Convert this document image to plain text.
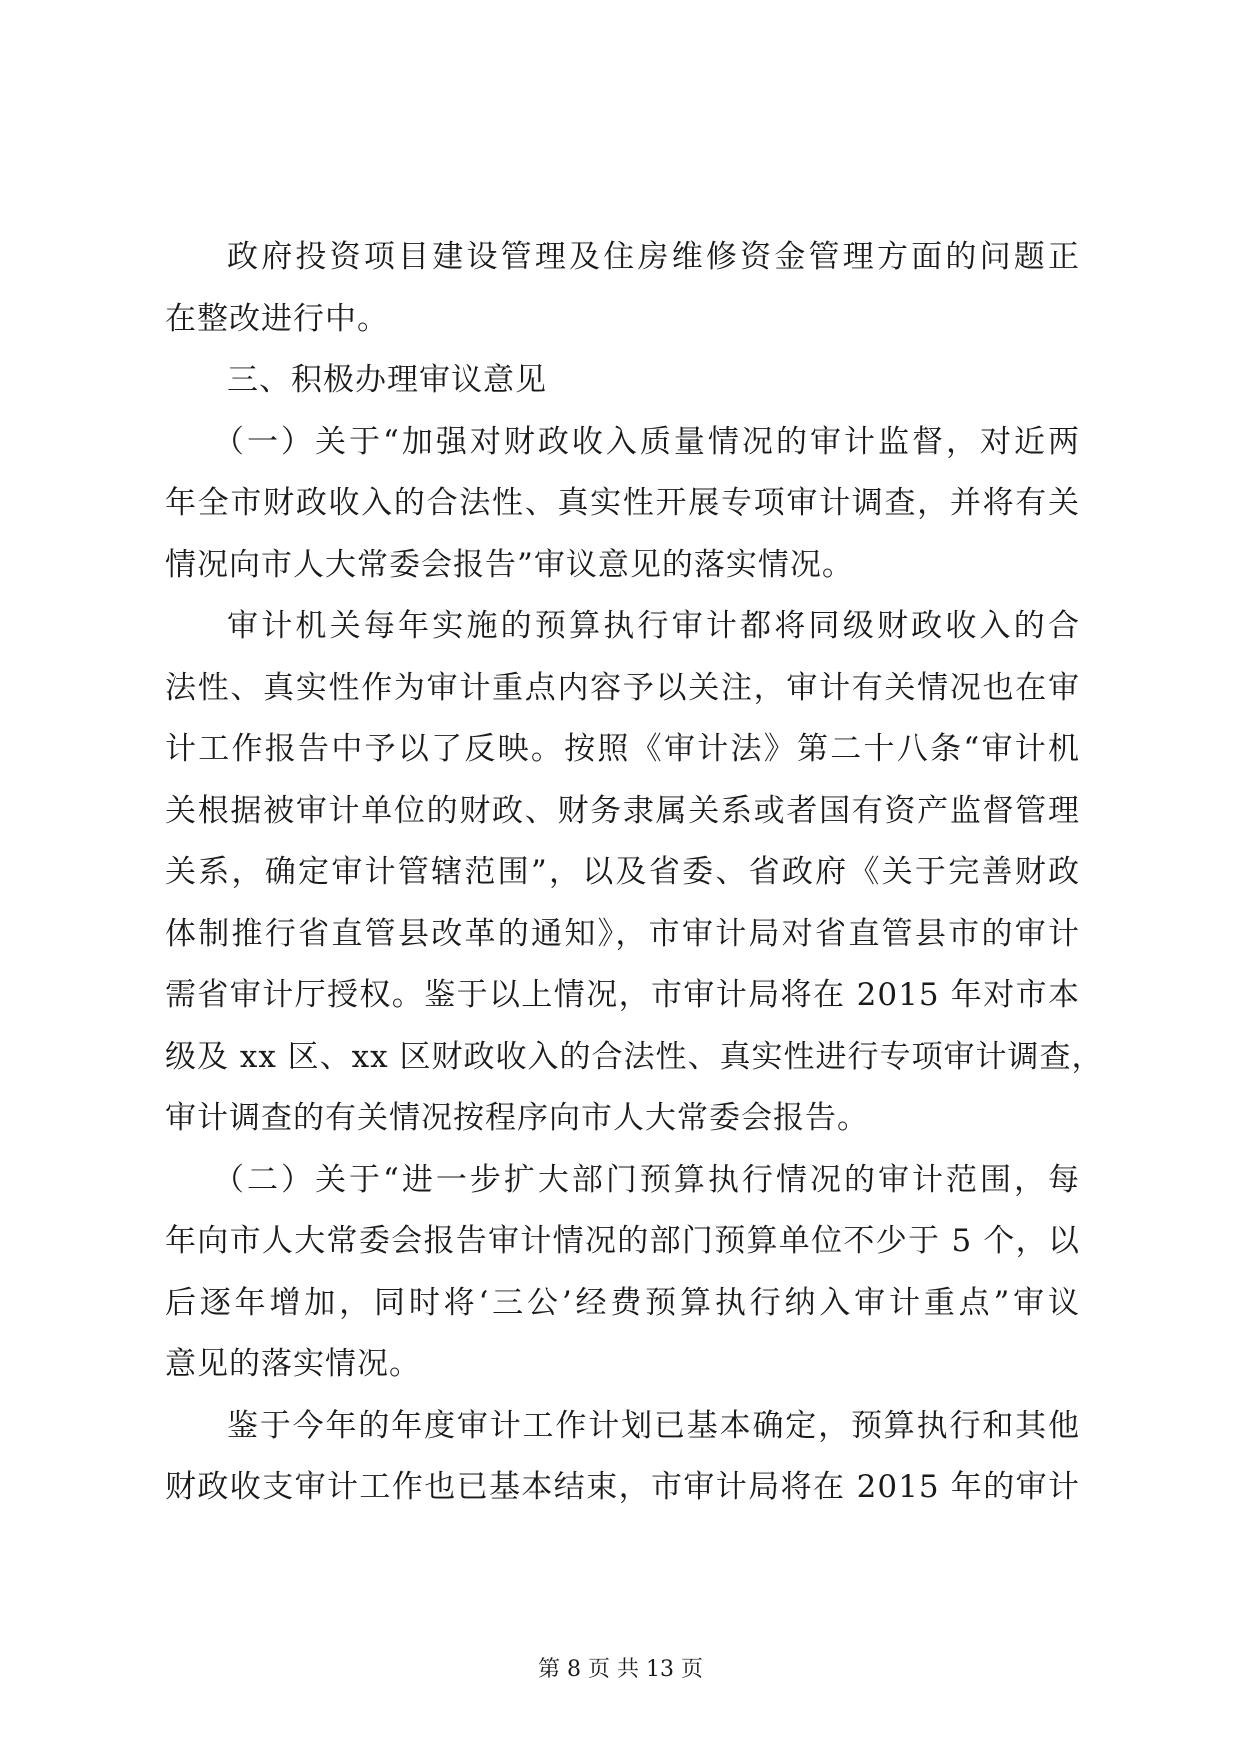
政府投资项目建设管理及住房维修资金管理方面的问题正
在整改进行中。
三、积极办理审议意见
（一）关于“加强对财政收入质量情况的审计监督，对近两
年全市财政收入的合法性、真实性开展专项审计调查，并将有关
情况向市人大常委会报告”审议意见的落实情况。
审计机关每年实施的预算执行审计都将同级财政收入的合
法性、真实性作为审计重点内容予以关注，审计有关情况也在审
计工作报告中予以了反映。按照《审计法》第二十八条“审计机
关根据被审计单位的财政、财务隶属关系或者国有资产监督管理
关系，确定审计管辖范围”，以及省委、省政府《关于完善财政
体制推行省直管县改革的通知》，市审计局对省直管县市的审计
需省审计厅授权。鉴于以上情况，市审计局将在 2015 年对市本
级及 xx 区、xx 区财政收入的合法性、真实性进行专项审计调查，
审计调查的有关情况按程序向市人大常委会报告。
（二）关于“进一步扩大部门预算执行情况的审计范围，每
年向市人大常委会报告审计情况的部门预算单位不少于 5 个，以
后逐年增加，同时将‘三公’经费预算执行纳入审计重点”审议
意见的落实情况。
鉴于今年的年度审计工作计划已基本确定，预算执行和其他
财政收支审计工作也已基本结束，市审计局将在 2015 年的审计
第 8 页 共 13 页
